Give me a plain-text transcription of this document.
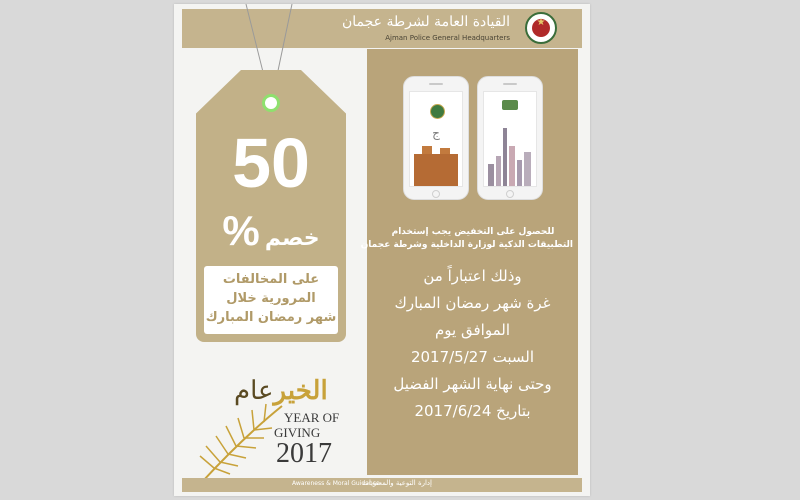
★
القيادة العامة لشرطة عجمان
Ajman Police General Headquarters
50
خصم %
على المخالفات
المرورية خلال
شهر رمضان المبارك
ج
للحصول على التخفيض يجب إستخدام
التطبيقات الذكية لوزارة الداخلية وشرطة عجمان
وذلك اعتباراً من
غرة شهر رمضان المبارك
الموافق يوم
السبت 2017/5/27
وحتى نهاية الشهر الفضيل
بتاريخ 2017/6/24
الخيرعام
YEAR OF
GIVING
2017
Awareness & Moral Guidance
إدارة التوعية والمعنويات
